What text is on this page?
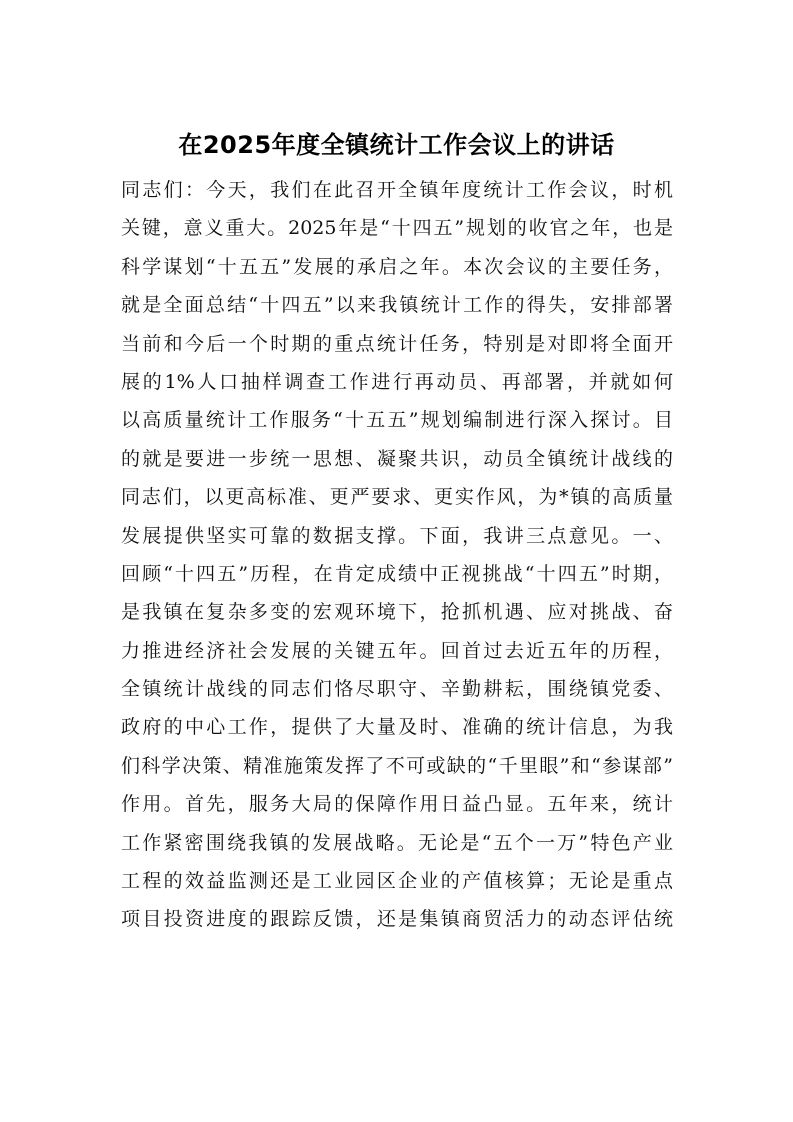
在2025年度全镇统计工作会议上的讲话
同志们：今天，我们在此召开全镇年度统计工作会议，时机
关键，意义重大。2025年是“十四五”规划的收官之年，也是
科学谋划“十五五”发展的承启之年。本次会议的主要任务，
就是全面总结“十四五”以来我镇统计工作的得失，安排部署
当前和今后一个时期的重点统计任务，特别是对即将全面开
展的1%人口抽样调查工作进行再动员、再部署，并就如何
以高质量统计工作服务“十五五”规划编制进行深入探讨。目
的就是要进一步统一思想、凝聚共识，动员全镇统计战线的
同志们，以更高标准、更严要求、更实作风，为*镇的高质量
发展提供坚实可靠的数据支撑。下面，我讲三点意见。一、
回顾“十四五”历程，在肯定成绩中正视挑战“十四五”时期，
是我镇在复杂多变的宏观环境下，抢抓机遇、应对挑战、奋
力推进经济社会发展的关键五年。回首过去近五年的历程，
全镇统计战线的同志们恪尽职守、辛勤耕耘，围绕镇党委、
政府的中心工作，提供了大量及时、准确的统计信息，为我
们科学决策、精准施策发挥了不可或缺的“千里眼”和“参谋部”
作用。首先，服务大局的保障作用日益凸显。五年来，统计
工作紧密围绕我镇的发展战略。无论是“五个一万”特色产业
工程的效益监测还是工业园区企业的产值核算；无论是重点
项目投资进度的跟踪反馈，还是集镇商贸活力的动态评估统
